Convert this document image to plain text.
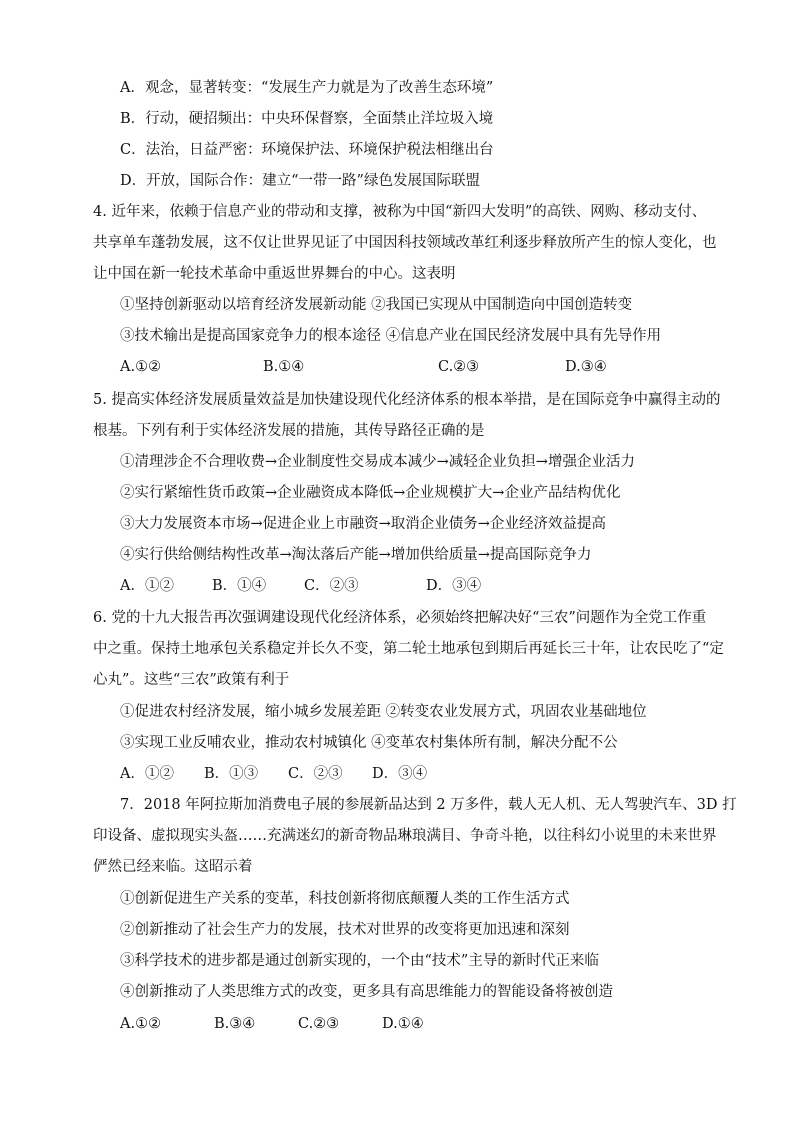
A．观念，显著转变：“发展生产力就是为了改善生态环境”
B．行动，硬招频出：中央环保督察，全面禁止洋垃圾入境
C．法治，日益严密：环境保护法、环境保护税法相继出台
D．开放，国际合作：建立“一带一路”绿色发展国际联盟
4. 近年来，依赖于信息产业的带动和支撑，被称为中国“新四大发明”的高铁、网购、移动支付、
共享单车蓬勃发展，这不仅让世界见证了中国因科技领域改革红利逐步释放所产生的惊人变化，也
让中国在新一轮技术革命中重返世界舞台的中心。这表明
①坚持创新驱动以培育经济发展新动能 ②我国已实现从中国制造向中国创造转变
③技术输出是提高国家竞争力的根本途径 ④信息产业在国民经济发展中具有先导作用
A.①②	B.①④	C.②③	D.③④
5. 提高实体经济发展质量效益是加快建设现代化经济体系的根本举措，是在国际竞争中赢得主动的
根基。下列有利于实体经济发展的措施，其传导路径正确的是
①清理涉企不合理收费→企业制度性交易成本减少→减轻企业负担→增强企业活力
②实行紧缩性货币政策→企业融资成本降低→企业规模扩大→企业产品结构优化
③大力发展资本市场→促进企业上市融资→取消企业债务→企业经济效益提高
④实行供给侧结构性改革→淘汰落后产能→增加供给质量→提高国际竞争力
A．①②	B．①④	C．②③	D．③④
6. 党的十九大报告再次强调建设现代化经济体系，必须始终把解决好“三农”问题作为全党工作重
中之重。保持土地承包关系稳定并长久不变，第二轮土地承包到期后再延长三十年，让农民吃了“定
心丸”。这些“三农”政策有利于
①促进农村经济发展，缩小城乡发展差距 ②转变农业发展方式，巩固农业基础地位
③实现工业反哺农业，推动农村城镇化 ④变革农村集体所有制，解决分配不公
A．①② B．①③ C．②③ D．③④
7．2018 年阿拉斯加消费电子展的参展新品达到 2 万多件，载人无人机、无人驾驶汽车、3D 打
印设备、虚拟现实头盔……充满迷幻的新奇物品琳琅满目、争奇斗艳，以往科幻小说里的未来世界
俨然已经来临。这昭示着
①创新促进生产关系的变革，科技创新将彻底颠覆人类的工作生活方式
②创新推动了社会生产力的发展，技术对世界的改变将更加迅速和深刻
③科学技术的进步都是通过创新实现的，一个由“技术”主导的新时代正来临
④创新推动了人类思维方式的改变，更多具有高思维能力的智能设备将被创造
A.①②	B.③④	C.②③	D.①④
